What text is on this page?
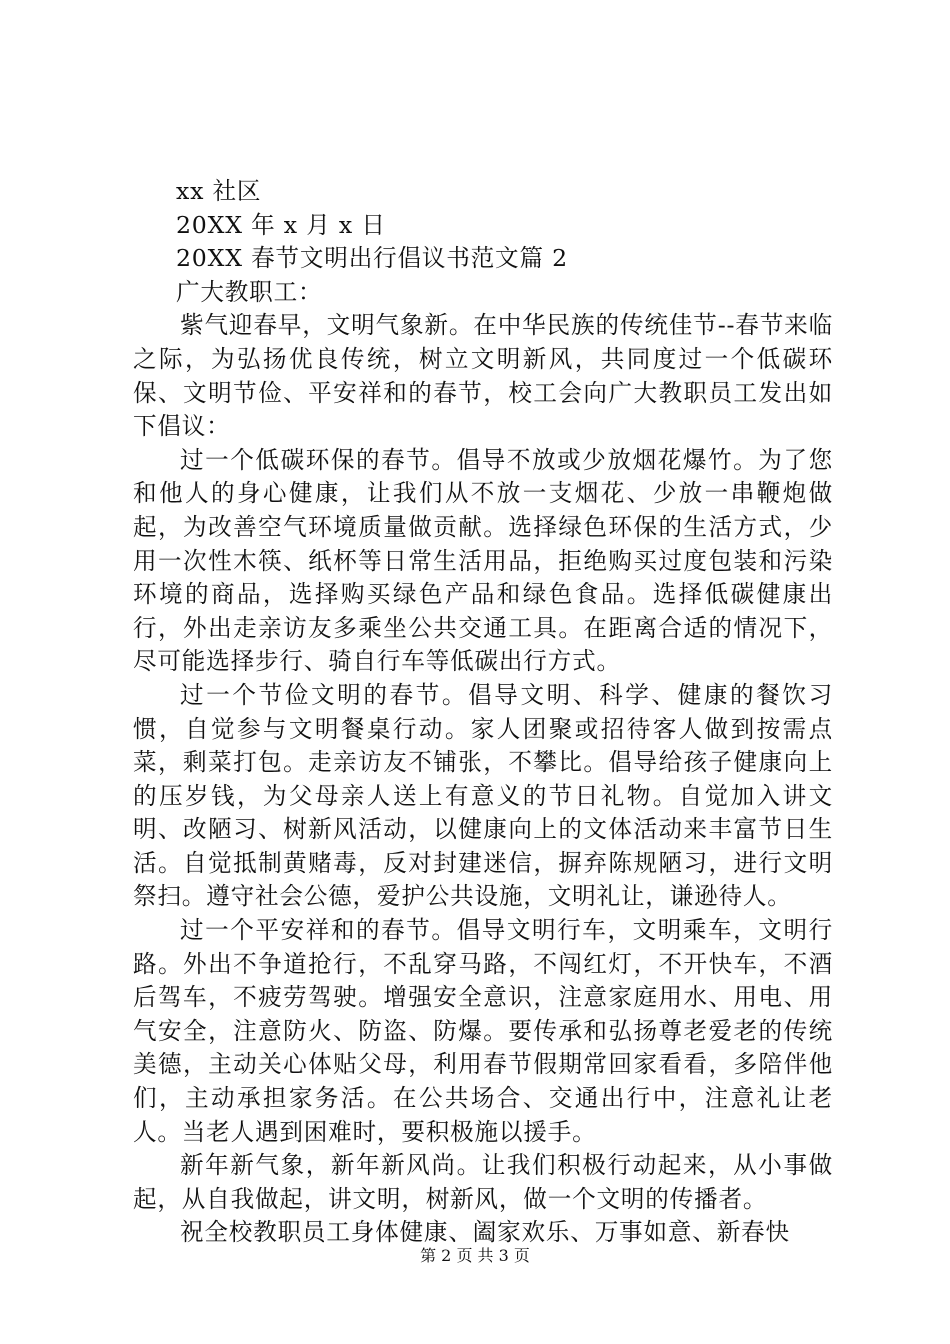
xx 社区

20XX 年 x 月 x 日

20XX 春节文明出行倡议书范文篇 2

广大教职工：

紫气迎春早，文明气象新。在中华民族的传统佳节--春节来临之际，为弘扬优良传统，树立文明新风，共同度过一个低碳环保、文明节俭、平安祥和的春节，校工会向广大教职员工发出如下倡议：

过一个低碳环保的春节。倡导不放或少放烟花爆竹。为了您和他人的身心健康，让我们从不放一支烟花、少放一串鞭炮做起，为改善空气环境质量做贡献。选择绿色环保的生活方式，少用一次性木筷、纸杯等日常生活用品，拒绝购买过度包装和污染环境的商品，选择购买绿色产品和绿色食品。选择低碳健康出行，外出走亲访友多乘坐公共交通工具。在距离合适的情况下，尽可能选择步行、骑自行车等低碳出行方式。

过一个节俭文明的春节。倡导文明、科学、健康的餐饮习惯，自觉参与文明餐桌行动。家人团聚或招待客人做到按需点菜，剩菜打包。走亲访友不铺张，不攀比。倡导给孩子健康向上的压岁钱，为父母亲人送上有意义的节日礼物。自觉加入讲文明、改陋习、树新风活动，以健康向上的文体活动来丰富节日生活。自觉抵制黄赌毒，反对封建迷信，摒弃陈规陋习，进行文明祭扫。遵守社会公德，爱护公共设施，文明礼让，谦逊待人。

过一个平安祥和的春节。倡导文明行车，文明乘车，文明行路。外出不争道抢行，不乱穿马路，不闯红灯，不开快车，不酒后驾车，不疲劳驾驶。增强安全意识，注意家庭用水、用电、用气安全，注意防火、防盗、防爆。要传承和弘扬尊老爱老的传统美德，主动关心体贴父母，利用春节假期常回家看看，多陪伴他们，主动承担家务活。在公共场合、交通出行中，注意礼让老人。当老人遇到困难时，要积极施以援手。

新年新气象，新年新风尚。让我们积极行动起来，从小事做起，从自我做起，讲文明，树新风，做一个文明的传播者。

祝全校教职员工身体健康、阖家欢乐、万事如意、新春快

第 2 页 共 3 页
